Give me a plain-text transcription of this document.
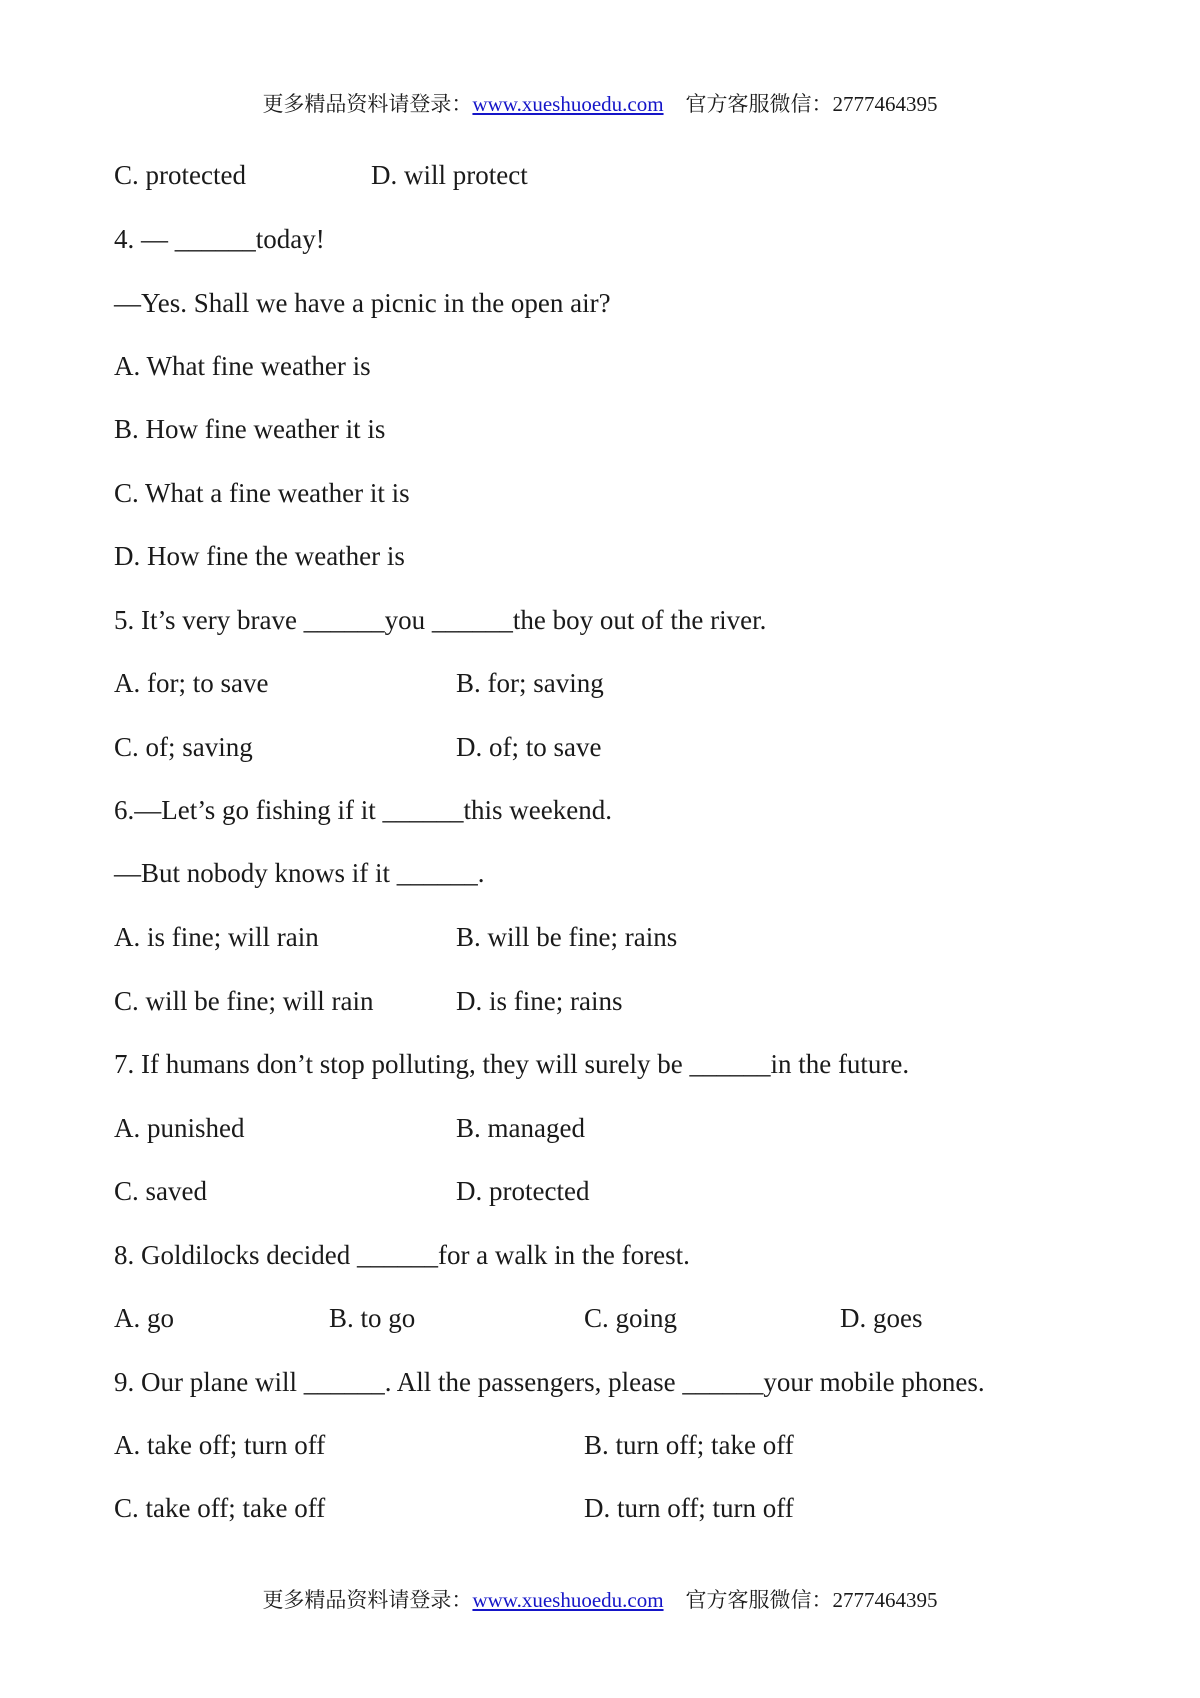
更多精品资料请登录：www.xueshuoedu.com 官方客服微信：2777464395
C. protected	D. will protect
4. — ______today!
—Yes. Shall we have a picnic in the open air?
A. What fine weather is
B. How fine weather it is
C. What a fine weather it is
D. How fine the weather is
5. It’s very brave ______you ______the boy out of the river.
A. for; to save	B. for; saving
C. of; saving	D. of; to save
6.—Let’s go fishing if it ______this weekend.
—But nobody knows if it ______.
A. is fine; will rain	B. will be fine; rains
C. will be fine; will rain	D. is fine; rains
7. If humans don’t stop polluting, they will surely be ______in the future.
A. punished	B. managed
C. saved	D. protected
8. Goldilocks decided ______for a walk in the forest.
A. go	B. to go	C. going	D. goes
9. Our plane will ______. All the passengers, please ______your mobile phones.
A. take off; turn off	B. turn off; take off
C. take off; take off	D. turn off; turn off
更多精品资料请登录：www.xueshuoedu.com 官方客服微信：2777464395
